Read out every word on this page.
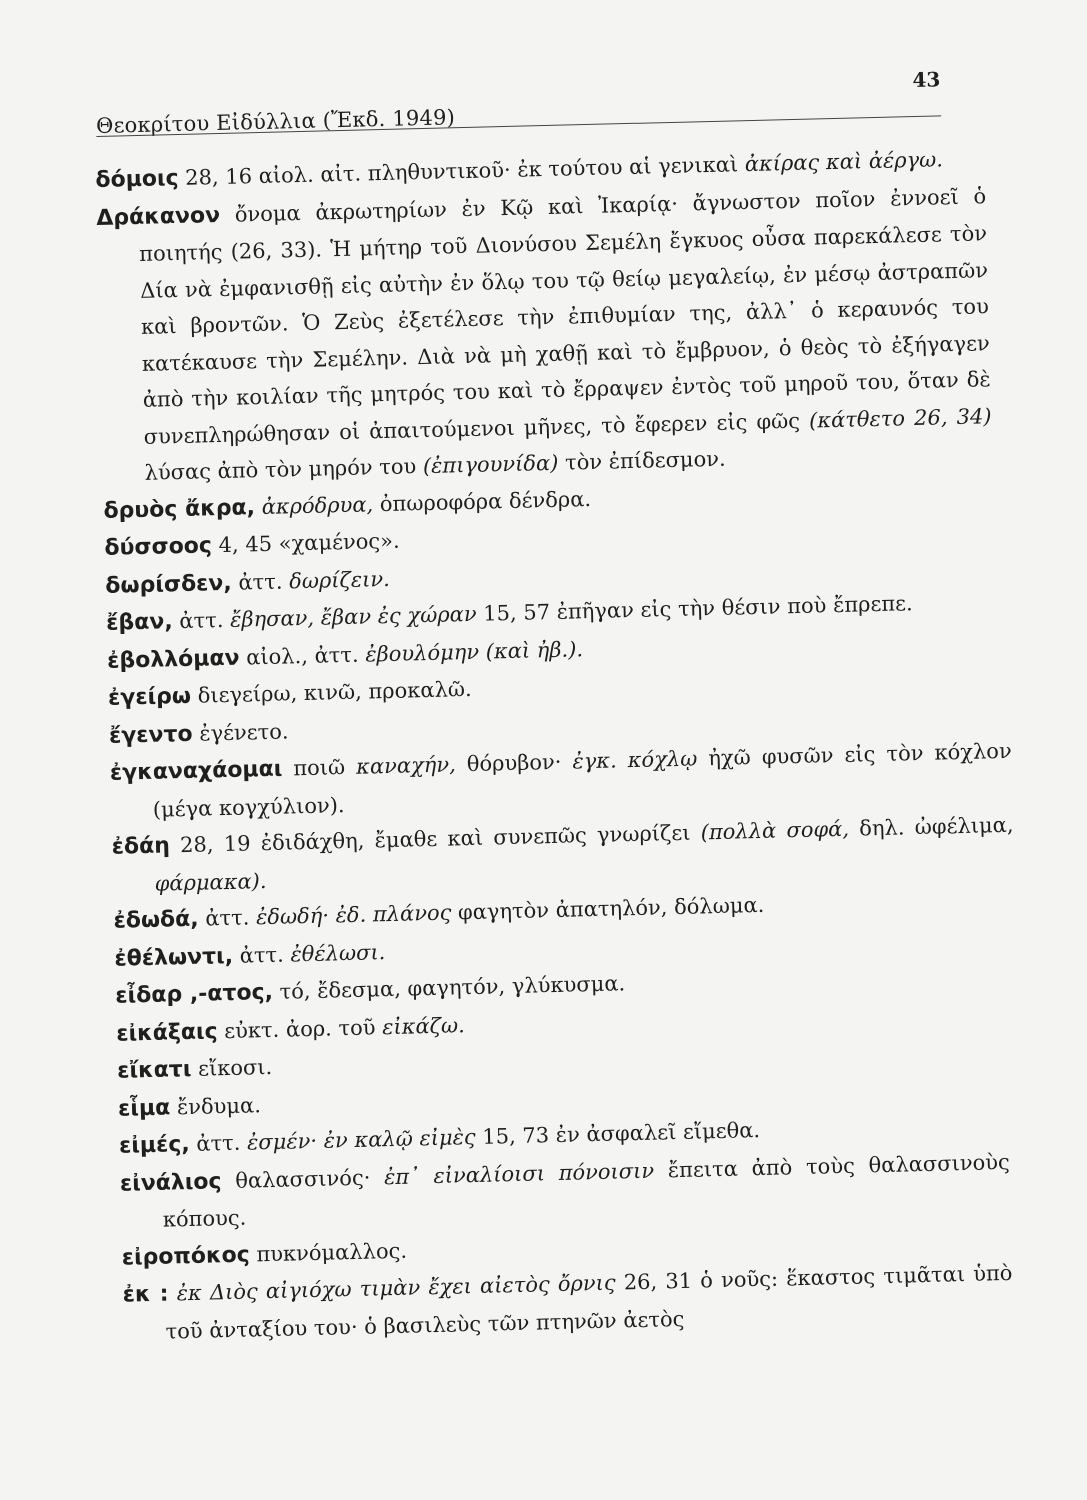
Θεοκρίτου Εἰδύλλια (Ἔκδ. 1949)
43

δόμοις 28, 16 αἰολ. αἰτ. πληθυντικοῦ· ἐκ τούτου αἱ γενικαὶ ἀκίρας καὶ ἀέργω.

Δράκανον ὄνομα ἀκρωτηρίων ἐν Κῷ καὶ Ἰκαρίᾳ· ἄγνωστον ποῖον ἐννοεῖ ὁ ποιητής (26, 33). Ἡ μήτηρ τοῦ Διονύσου Σεμέλη ἔγκυος οὖσα παρεκάλεσε τὸν Δία νὰ ἐμφανισθῇ εἰς αὐτὴν ἐν ὅλῳ του τῷ θείῳ μεγαλείῳ, ἐν μέσῳ ἀστραπῶν καὶ βροντῶν. Ὁ Ζεὺς ἐξετέλεσε τὴν ἐπιθυμίαν της, ἀλλ᾽ ὁ κεραυνός του κατέκαυσε τὴν Σεμέλην. Διὰ νὰ μὴ χαθῇ καὶ τὸ ἔμβρυον, ὁ θεὸς τὸ ἐξήγαγεν ἀπὸ τὴν κοιλίαν τῆς μητρός του καὶ τὸ ἔρραψεν ἐντὸς τοῦ μηροῦ του, ὅταν δὲ συνεπληρώθησαν οἱ ἀπαιτούμενοι μῆνες, τὸ ἔφερεν εἰς φῶς (κάτθετο 26, 34) λύσας ἀπὸ τὸν μηρόν του (ἐπιγουνίδα) τὸν ἐπίδεσμον.

δρυὸς ἄκρα, ἀκρόδρυα, ὀπωροφόρα δένδρα.

δύσσοος 4, 45 «χαμένος».

δωρίσδεν, ἀττ. δωρίζειν.

ἔβαν, ἀττ. ἔβησαν, ἔβαν ἐς χώραν 15, 57 ἐπῆγαν εἰς τὴν θέσιν ποὺ ἔπρεπε.

ἐβολλόμαν αἰολ., ἀττ. ἐβουλόμην (καὶ ἠβ.).

ἐγείρω διεγείρω, κινῶ, προκαλῶ.

ἔγεντο ἐγένετο.

ἐγκαναχάομαι ποιῶ καναχήν, θόρυβον· ἐγκ. κόχλῳ ἠχῶ φυσῶν εἰς τὸν κόχλον (μέγα κογχύλιον).

ἐδάη 28, 19 ἐδιδάχθη, ἔμαθε καὶ συνεπῶς γνωρίζει (πολλὰ σοφά, δηλ. ὠφέλιμα, φάρμακα).

ἐδωδά, ἀττ. ἐδωδή· ἐδ. πλάνος φαγητὸν ἀπατηλόν, δόλωμα.

ἐθέλωντι, ἀττ. ἐθέλωσι.

εἶδαρ ,-ατος, τό, ἔδεσμα, φαγητόν, γλύκυσμα.

εἰκάξαις εὐκτ. ἀορ. τοῦ εἰκάζω.

εἴκατι εἴκοσι.

εἷμα ἔνδυμα.

εἰμές, ἀττ. ἐσμέν· ἐν καλῷ εἰμὲς 15, 73 ἐν ἀσφαλεῖ εἴμεθα.

εἰνάλιος θαλασσινός· ἐπ᾽ εἰναλίοισι πόνοισιν ἔπειτα ἀπὸ τοὺς θαλασσινοὺς κόπους.

εἰροπόκος πυκνόμαλλος.

ἐκ : ἐκ Διὸς αἰγιόχω τιμὰν ἔχει αἰετὸς ὄρνις 26, 31 ὁ νοῦς: ἕκαστος τιμᾶται ὑπὸ τοῦ ἀνταξίου του· ὁ βασιλεὺς τῶν πτηνῶν ἀετὸς
